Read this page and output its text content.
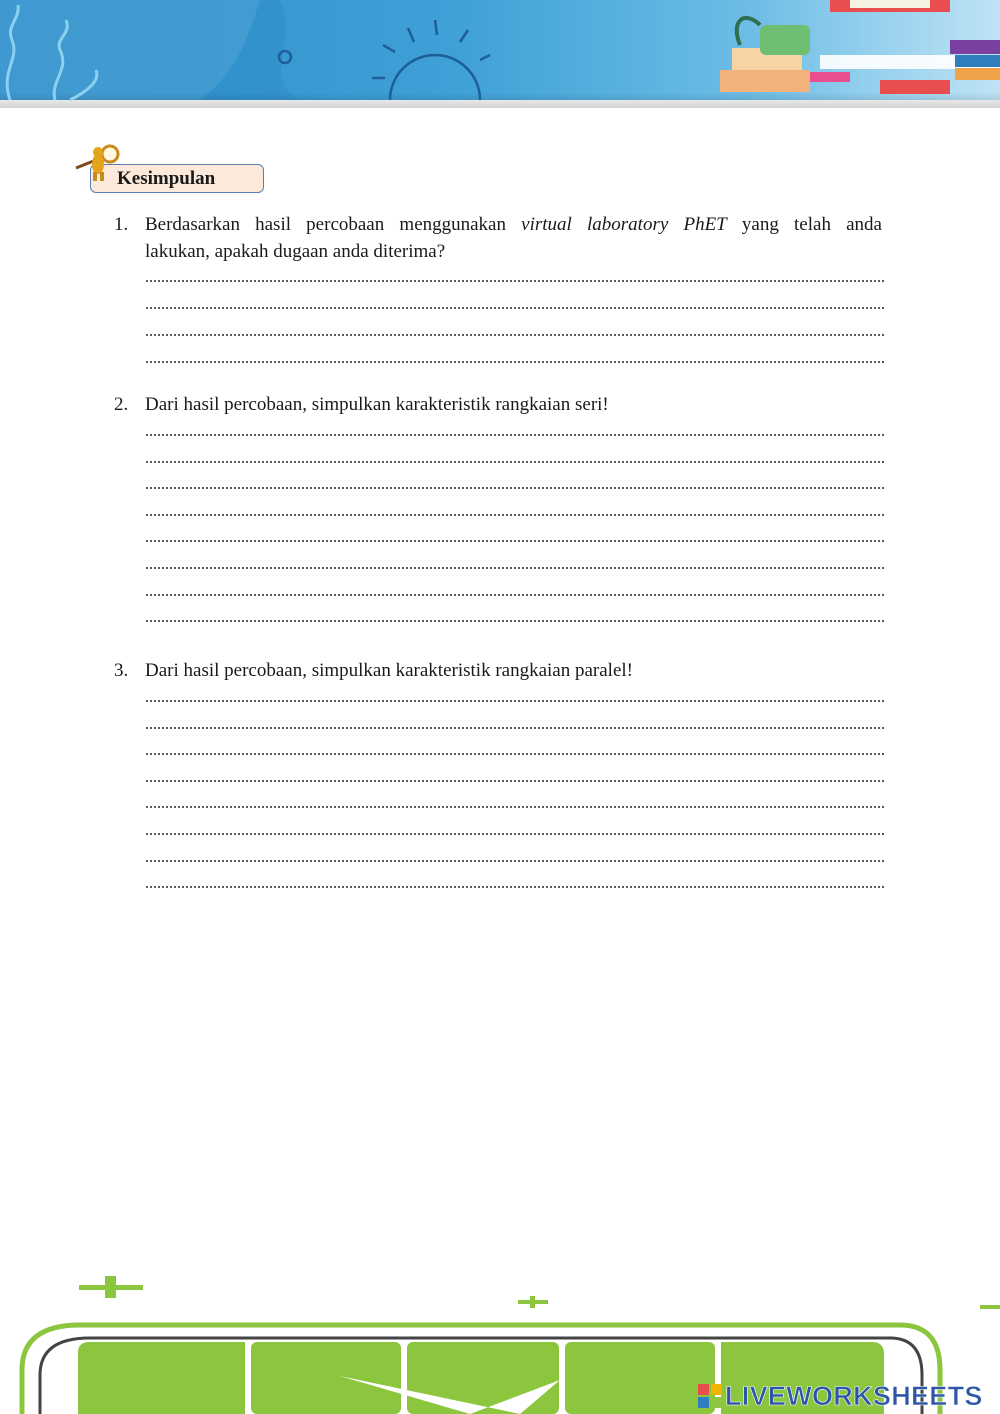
Kesimpulan
1. Berdasarkan hasil percobaan menggunakan virtual laboratory PhET yang telah anda
lakukan, apakah dugaan anda diterima?
2. Dari hasil percobaan, simpulkan karakteristik rangkaian seri!
3. Dari hasil percobaan, simpulkan karakteristik rangkaian paralel!
LIVEWORKSHEETS
